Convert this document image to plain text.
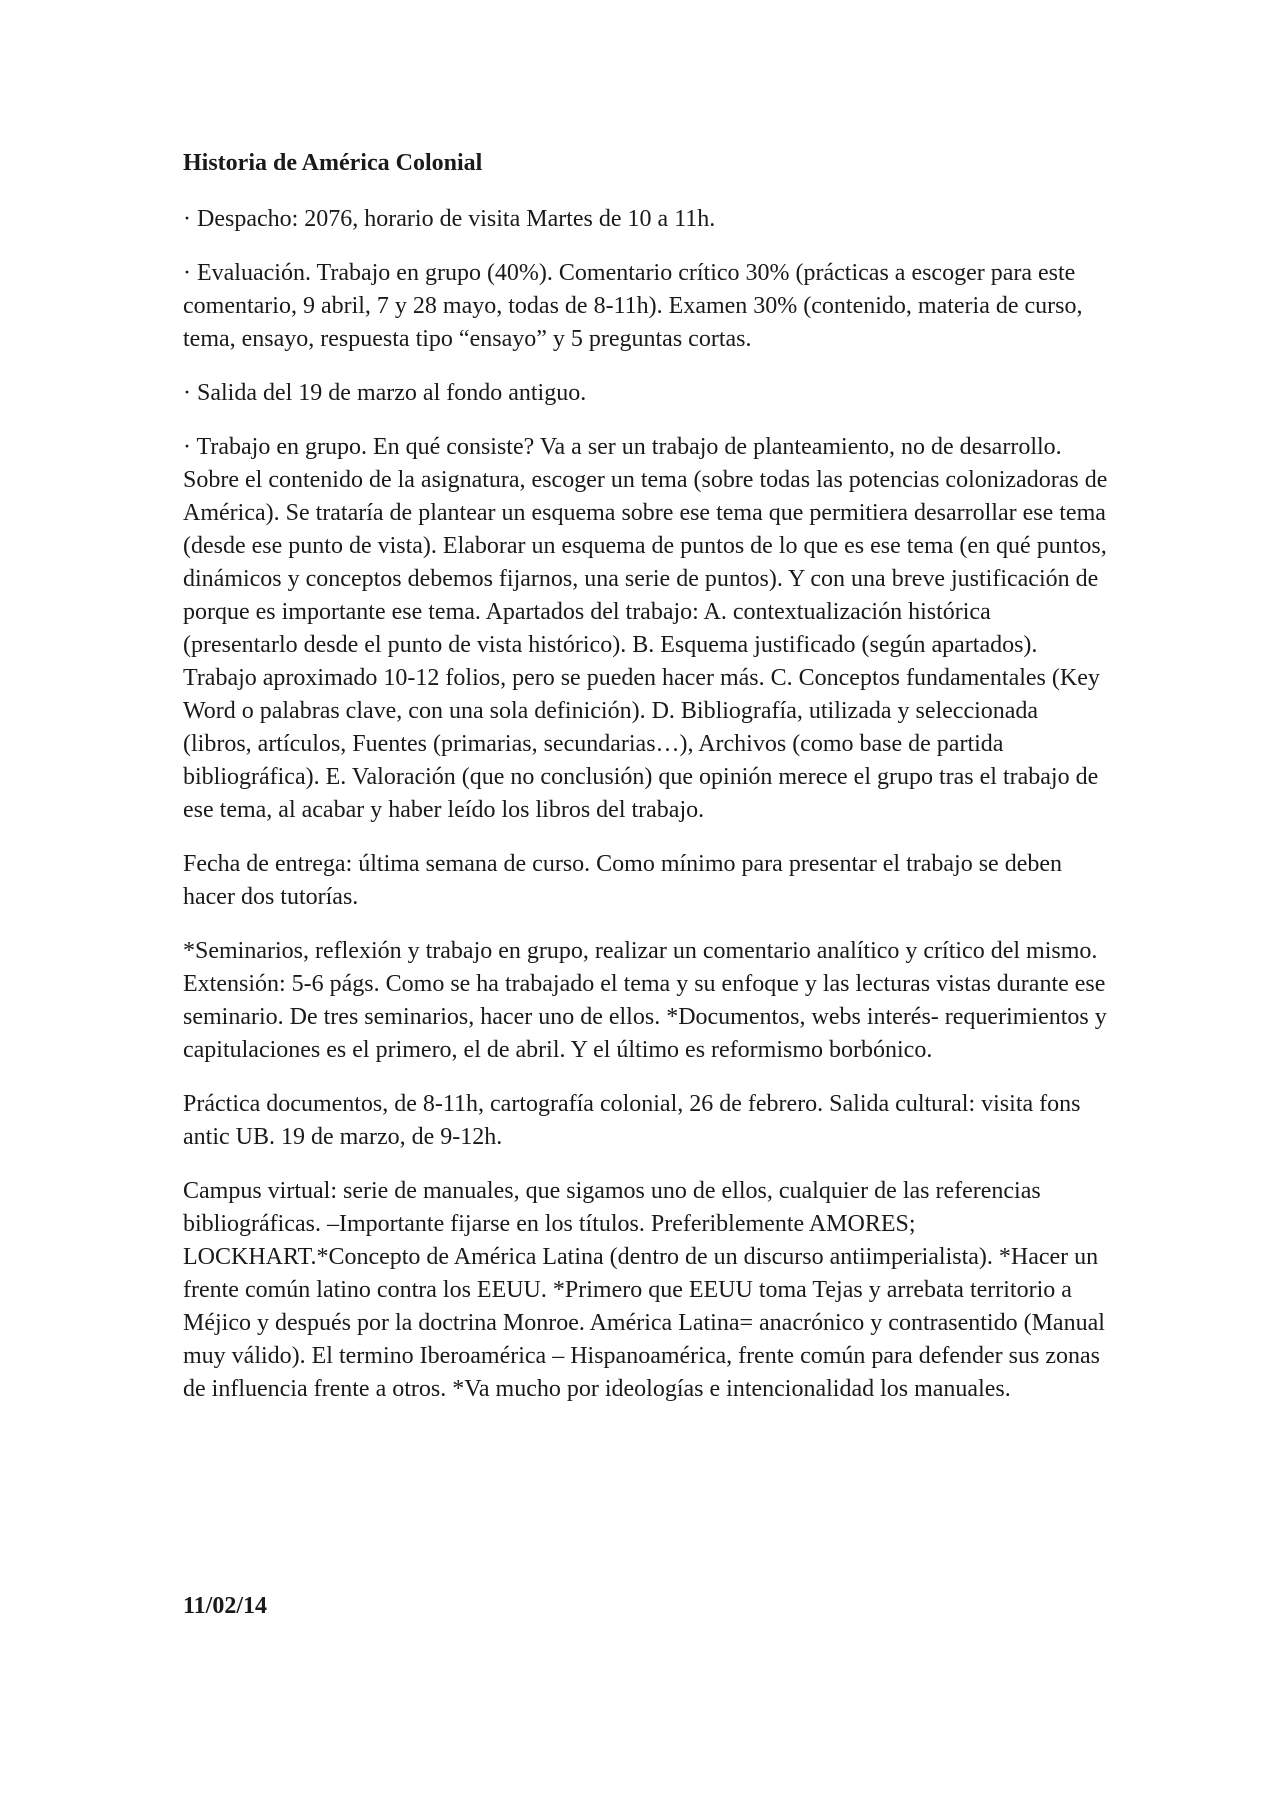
Historia de América Colonial

· Despacho: 2076, horario de visita Martes de 10 a 11h.

· Evaluación. Trabajo en grupo (40%). Comentario crítico 30% (prácticas a escoger para este comentario, 9 abril, 7 y 28 mayo, todas de 8-11h). Examen 30% (contenido, materia de curso, tema, ensayo, respuesta tipo “ensayo” y 5 preguntas cortas.

· Salida del 19 de marzo al fondo antiguo.

· Trabajo en grupo. En qué consiste? Va a ser un trabajo de planteamiento, no de desarrollo. Sobre el contenido de la asignatura, escoger un tema (sobre todas las potencias colonizadoras de América). Se trataría de plantear un esquema sobre ese tema que permitiera desarrollar ese tema (desde ese punto de vista). Elaborar un esquema de puntos de lo que es ese tema (en qué puntos, dinámicos y conceptos debemos fijarnos, una serie de puntos). Y con una breve justificación de porque es importante ese tema. Apartados del trabajo: A. contextualización histórica (presentarlo desde el punto de vista histórico). B. Esquema justificado (según apartados). Trabajo aproximado 10-12 folios, pero se pueden hacer más. C. Conceptos fundamentales (Key Word o palabras clave, con una sola definición). D. Bibliografía, utilizada y seleccionada (libros, artículos, Fuentes (primarias, secundarias…), Archivos (como base de partida bibliográfica). E. Valoración (que no conclusión) que opinión merece el grupo tras el trabajo de ese tema, al acabar y haber leído los libros del trabajo.

Fecha de entrega: última semana de curso. Como mínimo para presentar el trabajo se deben hacer dos tutorías.

*Seminarios, reflexión y trabajo en grupo, realizar un comentario analítico y crítico del mismo. Extensión: 5-6 págs. Como se ha trabajado el tema y su enfoque y las lecturas vistas durante ese seminario. De tres seminarios, hacer uno de ellos. *Documentos, webs interés- requerimientos y capitulaciones es el primero, el de abril. Y el último es reformismo borbónico.

Práctica documentos, de 8-11h, cartografía colonial, 26 de febrero. Salida cultural: visita fons antic UB. 19 de marzo, de 9-12h.

Campus virtual: serie de manuales, que sigamos uno de ellos, cualquier de las referencias bibliográficas. –Importante fijarse en los títulos. Preferiblemente AMORES; LOCKHART.*Concepto de América Latina (dentro de un discurso antiimperialista). *Hacer un frente común latino contra los EEUU. *Primero que EEUU toma Tejas y arrebata territorio a Méjico y después por la doctrina Monroe. América Latina= anacrónico y contrasentido (Manual muy válido). El termino Iberoamérica – Hispanoamérica, frente común para defender sus zonas de influencia frente a otros. *Va mucho por ideologías e intencionalidad los manuales.

11/02/14
